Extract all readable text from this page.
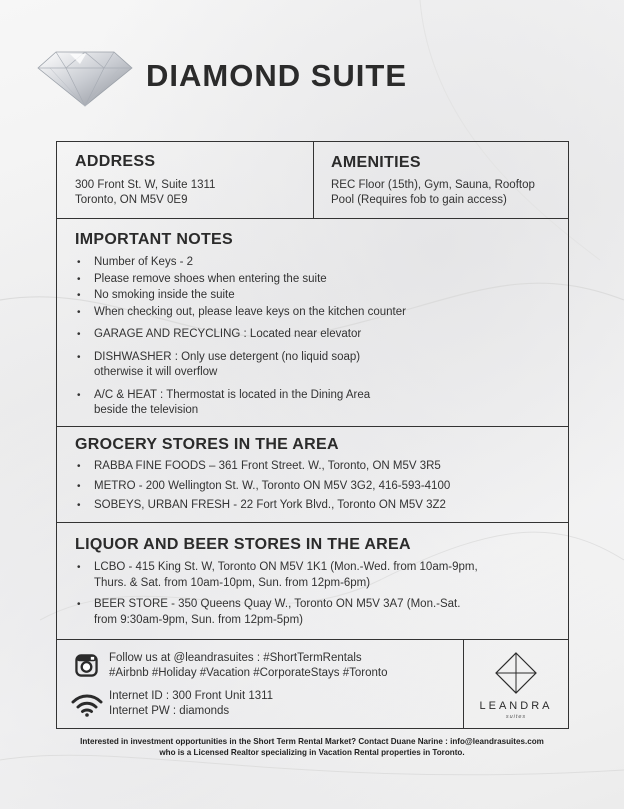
DIAMOND SUITE

ADDRESS

300 Front St. W, Suite 1311
Toronto, ON M5V 0E9

AMENITIES

REC Floor (15th), Gym, Sauna, Rooftop
Pool (Requires fob to gain access)

IMPORTANT NOTES

• Number of Keys - 2
• Please remove shoes when entering the suite
• No smoking inside the suite
• When checking out, please leave keys on the kitchen counter
• GARAGE AND RECYCLING : Located near elevator
• DISHWASHER : Only use detergent (no liquid soap)
otherwise it will overflow
• A/C & HEAT : Thermostat is located in the Dining Area
beside the television

GROCERY STORES IN THE AREA

• RABBA FINE FOODS – 361 Front Street. W., Toronto, ON M5V 3R5
• METRO - 200 Wellington St. W., Toronto ON M5V 3G2, 416-593-4100
• SOBEYS, URBAN FRESH - 22 Fort York Blvd., Toronto ON M5V 3Z2

LIQUOR AND BEER STORES IN THE AREA

• LCBO - 415 King St. W, Toronto ON M5V 1K1 (Mon.-Wed. from 10am-9pm,
Thurs. & Sat. from 10am-10pm, Sun. from 12pm-6pm)
• BEER STORE - 350 Queens Quay W., Toronto ON M5V 3A7 (Mon.-Sat.
from 9:30am-9pm, Sun. from 12pm-5pm)
Follow us at @leandrasuites : #ShortTermRentals
#Airbnb #Holiday #Vacation #CorporateStays #Toronto
Internet ID : 300 Front Unit 1311
Internet PW : diamonds	LEANDRA
suites
Interested in investment opportunities in the Short Term Rental Market? Contact Duane Narine : info@leandrasuites.com
who is a Licensed Realtor specializing in Vacation Rental properties in Toronto.
